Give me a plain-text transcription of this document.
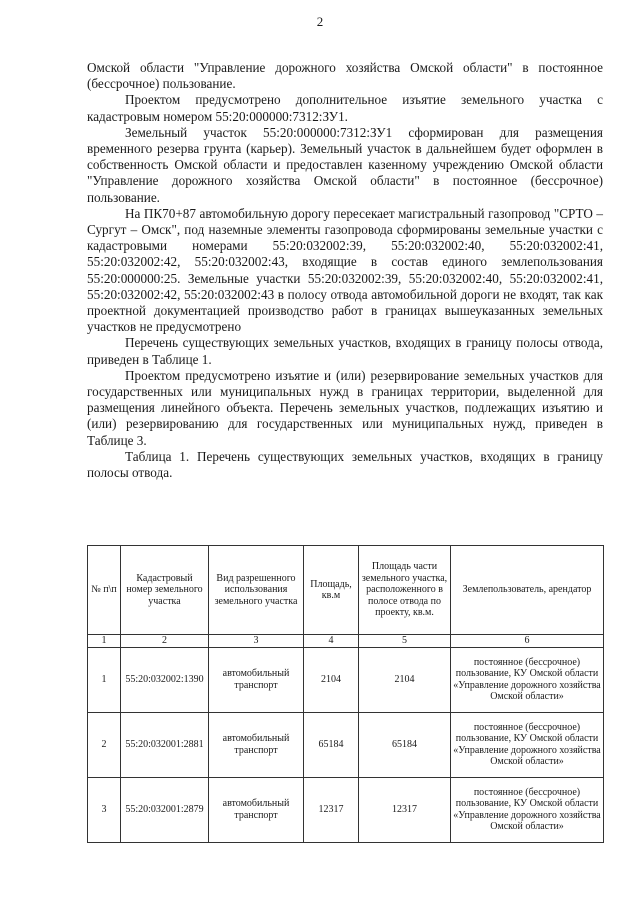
2

Омской области "Управление дорожного хозяйства Омской области" в постоянное (бессрочное) пользование.

Проектом предусмотрено дополнительное изъятие земельного участка с кадастровым номером 55:20:000000:7312:ЗУ1.

Земельный участок 55:20:000000:7312:ЗУ1 сформирован для размещения временного резерва грунта (карьер). Земельный участок в дальнейшем будет оформлен в собственность Омской области и предоставлен казенному учреждению Омской области "Управление дорожного хозяйства Омской области" в постоянное (бессрочное) пользование.

На ПК70+87 автомобильную дорогу пересекает магистральный газопровод "СРТО – Сургут – Омск", под наземные элементы газопровода сформированы земельные участки с кадастровыми номерами 55:20:032002:39, 55:20:032002:40, 55:20:032002:41, 55:20:032002:42, 55:20:032002:43, входящие в состав единого землепользования 55:20:000000:25. Земельные участки 55:20:032002:39, 55:20:032002:40, 55:20:032002:41, 55:20:032002:42, 55:20:032002:43 в полосу отвода автомобильной дороги не входят, так как проектной документацией производство работ в границах вышеуказанных земельных участков не предусмотрено

Перечень существующих земельных участков, входящих в границу полосы отвода, приведен в Таблице 1.

Проектом предусмотрено изъятие и (или) резервирование земельных участков для государственных или муниципальных нужд в границах территории, выделенной для размещения линейного объекта. Перечень земельных участков, подлежащих изъятию и (или) резервированию для государственных или муниципальных нужд, приведен в Таблице 3.

Таблица 1. Перечень существующих земельных участков, входящих в границу полосы отвода.

№ п\п	Кадастровый номер земельного участка	Вид разрешенного использования земельного участка	Площадь, кв.м	Площадь части земельного участка, расположенного в полосе отвода по проекту, кв.м.	Землепользователь, арендатор
1	2	3	4	5	6
1	55:20:032002:1390	автомобильный транспорт	2104	2104	постоянное (бессрочное) пользование, КУ Омской области «Управление дорожного хозяйства Омской области»
2	55:20:032001:2881	автомобильный транспорт	65184	65184	постоянное (бессрочное) пользование, КУ Омской области «Управление дорожного хозяйства Омской области»
3	55:20:032001:2879	автомобильный транспорт	12317	12317	постоянное (бессрочное) пользование, КУ Омской области «Управление дорожного хозяйства Омской области»
